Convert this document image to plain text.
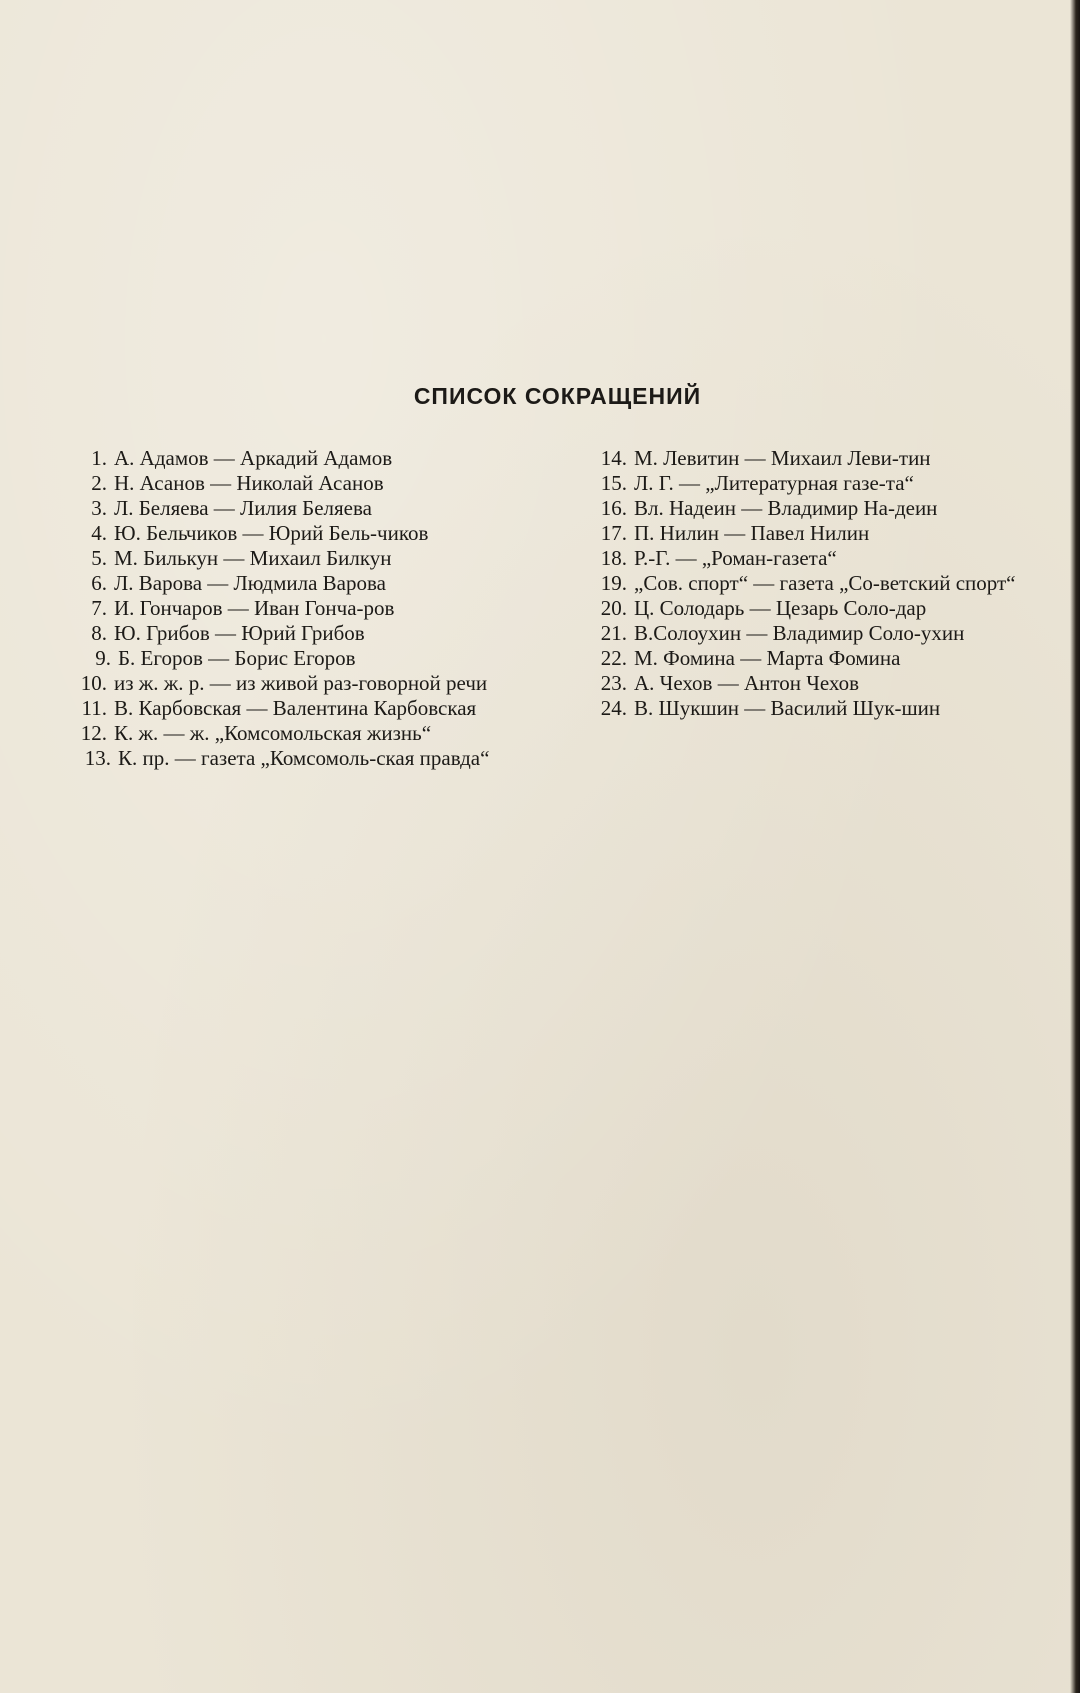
СПИСОК СОКРАЩЕНИЙ
1. А. Адамов — Аркадий Адамов
2. Н. Асанов — Николай Асанов
3. Л. Беляева — Лилия Беляева
4. Ю. Бельчиков — Юрий Бель-чиков
5. М. Билькун — Михаил Билкун
6. Л. Варова — Людмила Варова
7. И. Гончаров — Иван Гонча-ров
8. Ю. Грибов — Юрий Грибов
9. Б. Егоров — Борис Егоров
10. из ж. ж. р. — из живой раз-говорной речи
11. В. Карбовская — Валентина Карбовская
12. К. ж. — ж. „Комсомольская жизнь“
13. К. пр. — газета „Комсомоль-ская правда“
14. М. Левитин — Михаил Леви-тин
15. Л. Г. — „Литературная газе-та“
16. Вл. Надеин — Владимир На-деин
17. П. Нилин — Павел Нилин
18. Р.-Г. — „Роман-газета“
19. „Сов. спорт“ — газета „Со-ветский спорт“
20. Ц. Солодарь — Цезарь Соло-дар
21. В.Солоухин — Владимир Соло-ухин
22. М. Фомина — Марта Фомина
23. А. Чехов — Антон Чехов
24. В. Шукшин — Василий Шук-шин
